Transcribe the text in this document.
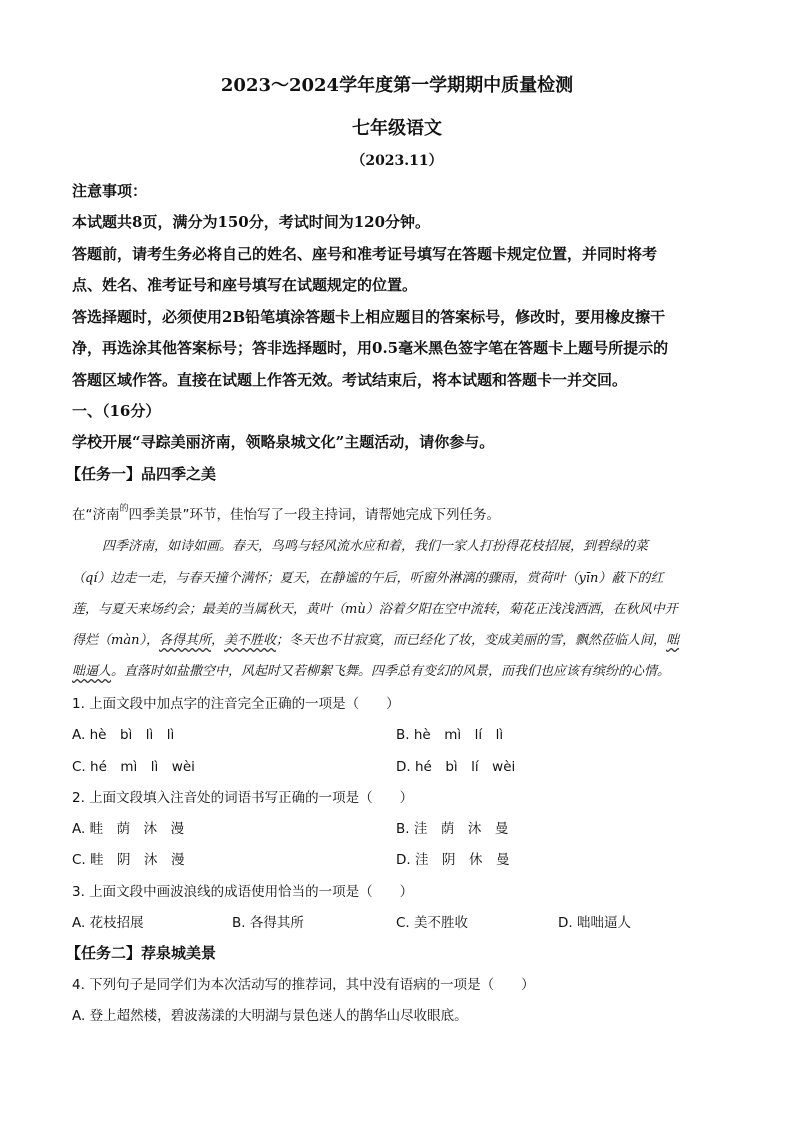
2023～2024学年度第一学期期中质量检测
七年级语文
（2023.11）
注意事项：
本试题共8页，满分为150分，考试时间为120分钟。
答题前，请考生务必将自己的姓名、座号和准考证号填写在答题卡规定位置，并同时将考
点、姓名、准考证号和座号填写在试题规定的位置。
答选择题时，必须使用2B铅笔填涂答题卡上相应题目的答案标号，修改时，要用橡皮擦干
净，再选涂其他答案标号；答非选择题时，用0.5毫米黑色签字笔在答题卡上题号所提示的
答题区域作答。直接在试题上作答无效。考试结束后，将本试题和答题卡一并交回。
一、（16分）
学校开展“寻踪美丽济南，领略泉城文化”主题活动，请你参与。
【任务一】品四季之美
在“济南$^的$四季美景”环节，佳怡写了一段主持词，请帮她完成下列任务。
四季济南，如诗如画。春天，鸟鸣与轻风流水应和着，我们一家人打扮得花枝招展，到碧绿的菜
（qí）边走一走，与春天撞个满怀；夏天，在静谧的午后，听窗外淋漓的骤雨，赏荷叶（yīn）蔽下的红
莲，与夏天来场约会；最美的当属秋天，黄叶（mù）浴着夕阳在空中流转，菊花正浅浅洒洒，在秋风中开
得烂（màn），各得其所，美不胜收；冬天也不甘寂寞，而已经化了妆，变成美丽的雪，飘然莅临人间，咄
咄逼人。直落时如盐撒空中，风起时又若柳絮飞舞。四季总有变幻的风景，而我们也应该有缤纷的心情。
1. 上面文段中加点字的注音完全正确的一项是（　　）
A. hè　bì　lì　lì	B. hè　mì　lí　lì
C. hé　mì　lì　wèi	D. hé　bì　lí　wèi
2. 上面文段填入注音处的词语书写正确的一项是（　　）
A. 畦　荫　沐　漫	B. 洼　荫　沐　曼
C. 畦　阴　沐　漫	D. 洼　阴　休　曼
3. 上面文段中画波浪线的成语使用恰当的一项是（　　）
A. 花枝招展	B. 各得其所	C. 美不胜收	D. 咄咄逼人
【任务二】荐泉城美景
4. 下列句子是同学们为本次活动写的推荐词，其中没有语病的一项是（　　）
A. 登上超然楼，碧波荡漾的大明湖与景色迷人的鹊华山尽收眼底。
